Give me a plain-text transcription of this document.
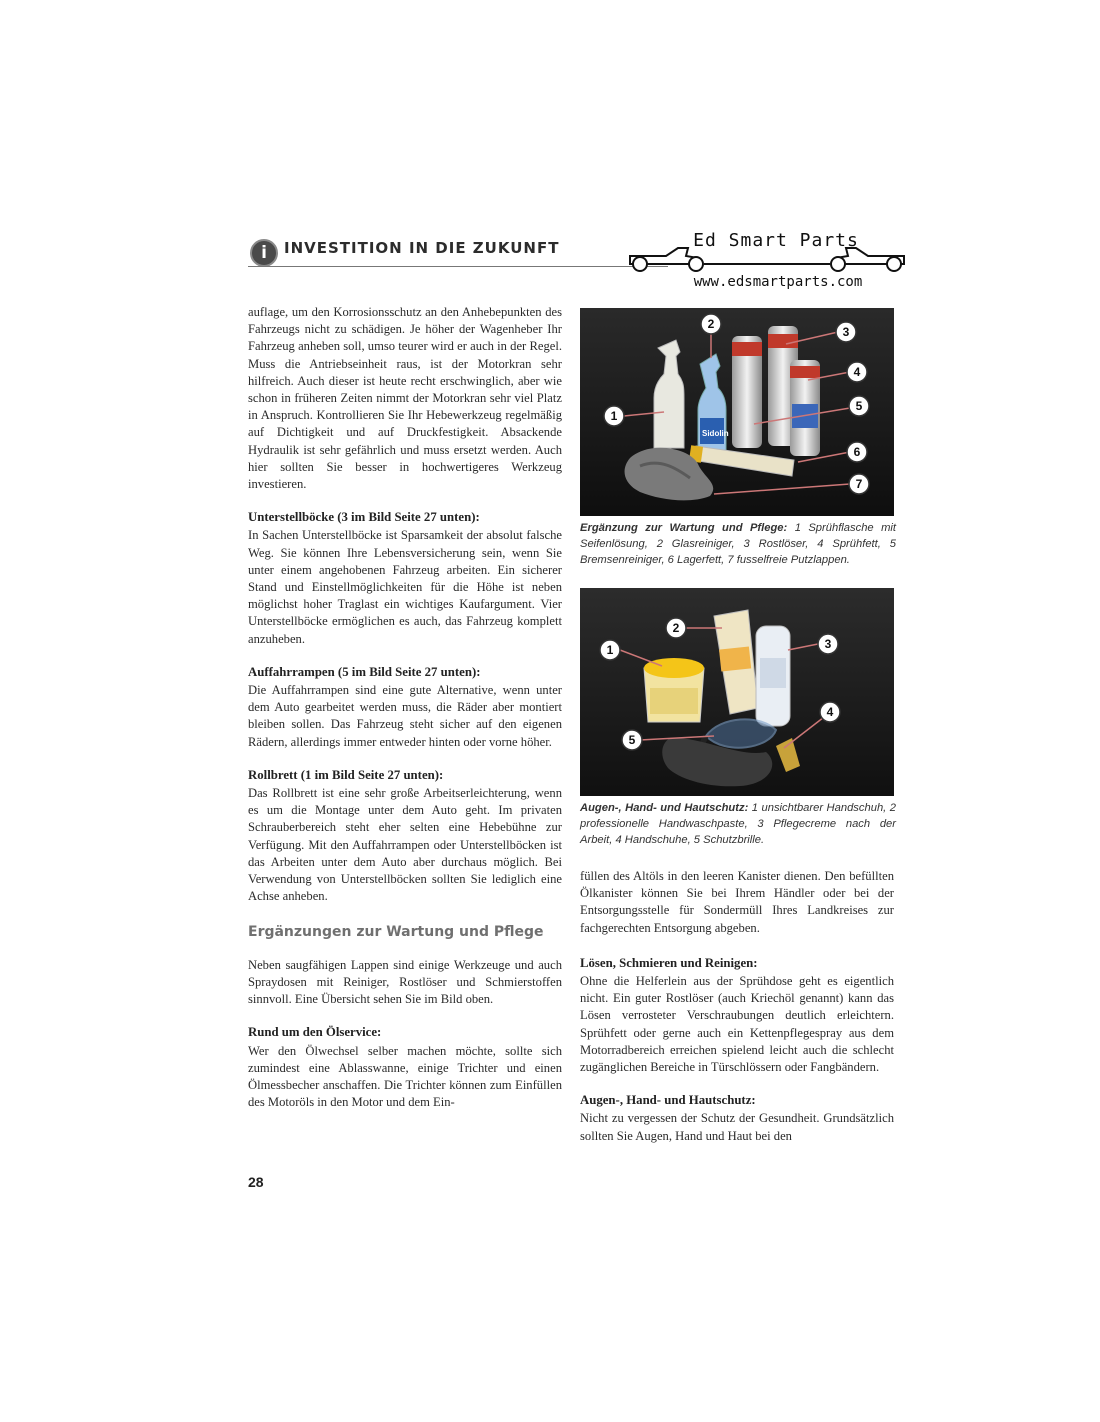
i	INVESTITION IN DIE ZUKUNFT	Ed Smart Parts
www.edsmartparts.com

auflage, um den Korrosionsschutz an den Anhebepunkten des Fahrzeugs nicht zu schädigen. Je höher der Wagenheber Ihr Fahrzeug anheben soll, umso teurer wird er auch in der Regel. Muss die Antriebseinheit raus, ist der Motorkran sehr hilfreich. Auch dieser ist heute recht erschwinglich, aber wie schon in früheren Zeiten nimmt der Motorkran sehr viel Platz in Anspruch. Kontrollieren Sie Ihr Hebewerkzeug regelmäßig auf Dichtigkeit und auf Druckfestigkeit. Absackende Hydraulik ist sehr gefährlich und muss ersetzt werden. Auch hier sollten Sie besser in hochwertigeres Werkzeug investieren.

Unterstellböcke (3 im Bild Seite 27 unten):

In Sachen Unterstellböcke ist Sparsamkeit der absolut falsche Weg. Sie können Ihre Lebensversicherung sein, wenn Sie unter einem angehobenen Fahrzeug arbeiten. Ein sicherer Stand und Einstellmöglichkeiten für die Höhe ist neben möglichst hoher Traglast ein wichtiges Kaufargument. Vier Unterstellböcke ermöglichen es auch, das Fahrzeug komplett anzuheben.

Auffahrrampen (5 im Bild Seite 27 unten):

Die Auffahrrampen sind eine gute Alternative, wenn unter dem Auto gearbeitet werden muss, die Räder aber montiert bleiben sollen. Das Fahrzeug steht sicher auf den eigenen Rädern, allerdings immer entweder hinten oder vorne höher.

Rollbrett (1 im Bild Seite 27 unten):

Das Rollbrett ist eine sehr große Arbeitserleichterung, wenn es um die Montage unter dem Auto geht. Im privaten Schrauberbereich steht eher selten eine Hebebühne zur Verfügung. Mit den Auffahrrampen oder Unterstellböcken ist das Arbeiten unter dem Auto aber durchaus möglich. Bei Verwendung von Unterstellböcken sollten Sie lediglich eine Achse anheben.

Ergänzungen zur Wartung und Pflege

Neben saugfähigen Lappen sind einige Werkzeuge und auch Spraydosen mit Reiniger, Rostlöser und Schmierstoffen sinnvoll. Eine Übersicht sehen Sie im Bild oben.

Rund um den Ölservice:

Wer den Ölwechsel selber machen möchte, sollte sich zumindest eine Ablasswanne, einige Trichter und einen Ölmessbecher anschaffen. Die Trichter können zum Einfüllen des Motoröls in den Motor und dem Ein-

Sidolin
1
2
3
4
5
6
7
Ergänzung zur Wartung und Pflege: 1 Sprühflasche mit Seifenlösung, 2 Glasreiniger, 3 Rostlöser, 4 Sprühfett, 5 Bremsenreiniger, 6 Lagerfett, 7 fusselfreie Putzlappen.
1
2
3
4
5
Augen-, Hand- und Hautschutz: 1 unsichtbarer Handschuh, 2 professionelle Handwaschpaste, 3 Pflegecreme nach der Arbeit, 4 Handschuhe, 5 Schutzbrille.

füllen des Altöls in den leeren Kanister dienen. Den befüllten Ölkanister können Sie bei Ihrem Händler oder bei der Entsorgungsstelle für Sondermüll Ihres Landkreises zur fachgerechten Entsorgung abgeben.

Lösen, Schmieren und Reinigen:

Ohne die Helferlein aus der Sprühdose geht es eigentlich nicht. Ein guter Rostlöser (auch Kriechöl genannt) kann das Lösen verrosteter Verschraubungen deutlich erleichtern. Sprühfett oder gerne auch ein Kettenpflegespray aus dem Motorradbereich erreichen spielend leicht auch die schlecht zugänglichen Bereiche in Türschlössern oder Fangbändern.

Augen-, Hand- und Hautschutz:

Nicht zu vergessen der Schutz der Gesundheit. Grundsätzlich sollten Sie Augen, Hand und Haut bei den

28
